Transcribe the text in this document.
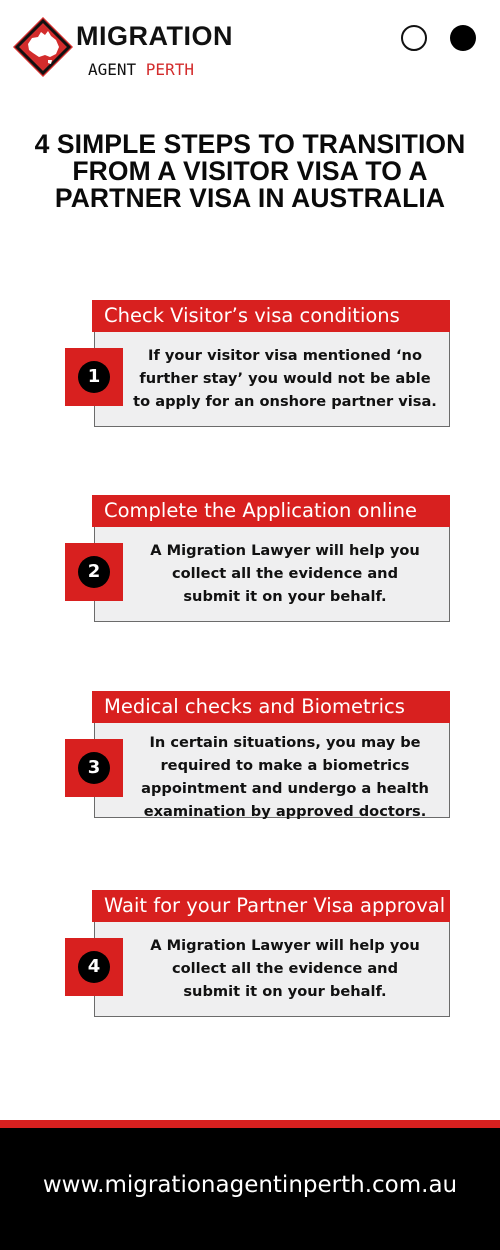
MIGRATION
AGENT PERTH
4 SIMPLE STEPS TO TRANSITION
FROM A VISITOR VISA TO A
PARTNER VISA IN AUSTRALIA
Check Visitor’s visa conditions
1
If your visitor visa mentioned ‘no
further stay’ you would not be able
to apply for an onshore partner visa.
Complete the Application online
2
A Migration Lawyer will help you
collect all the evidence and
submit it on your behalf.
Medical checks and Biometrics
3
In certain situations, you may be
required to make a biometrics
appointment and undergo a health
examination by approved doctors.
Wait for your Partner Visa approval
4
A Migration Lawyer will help you
collect all the evidence and
submit it on your behalf.
www.migrationagentinperth.com.au
